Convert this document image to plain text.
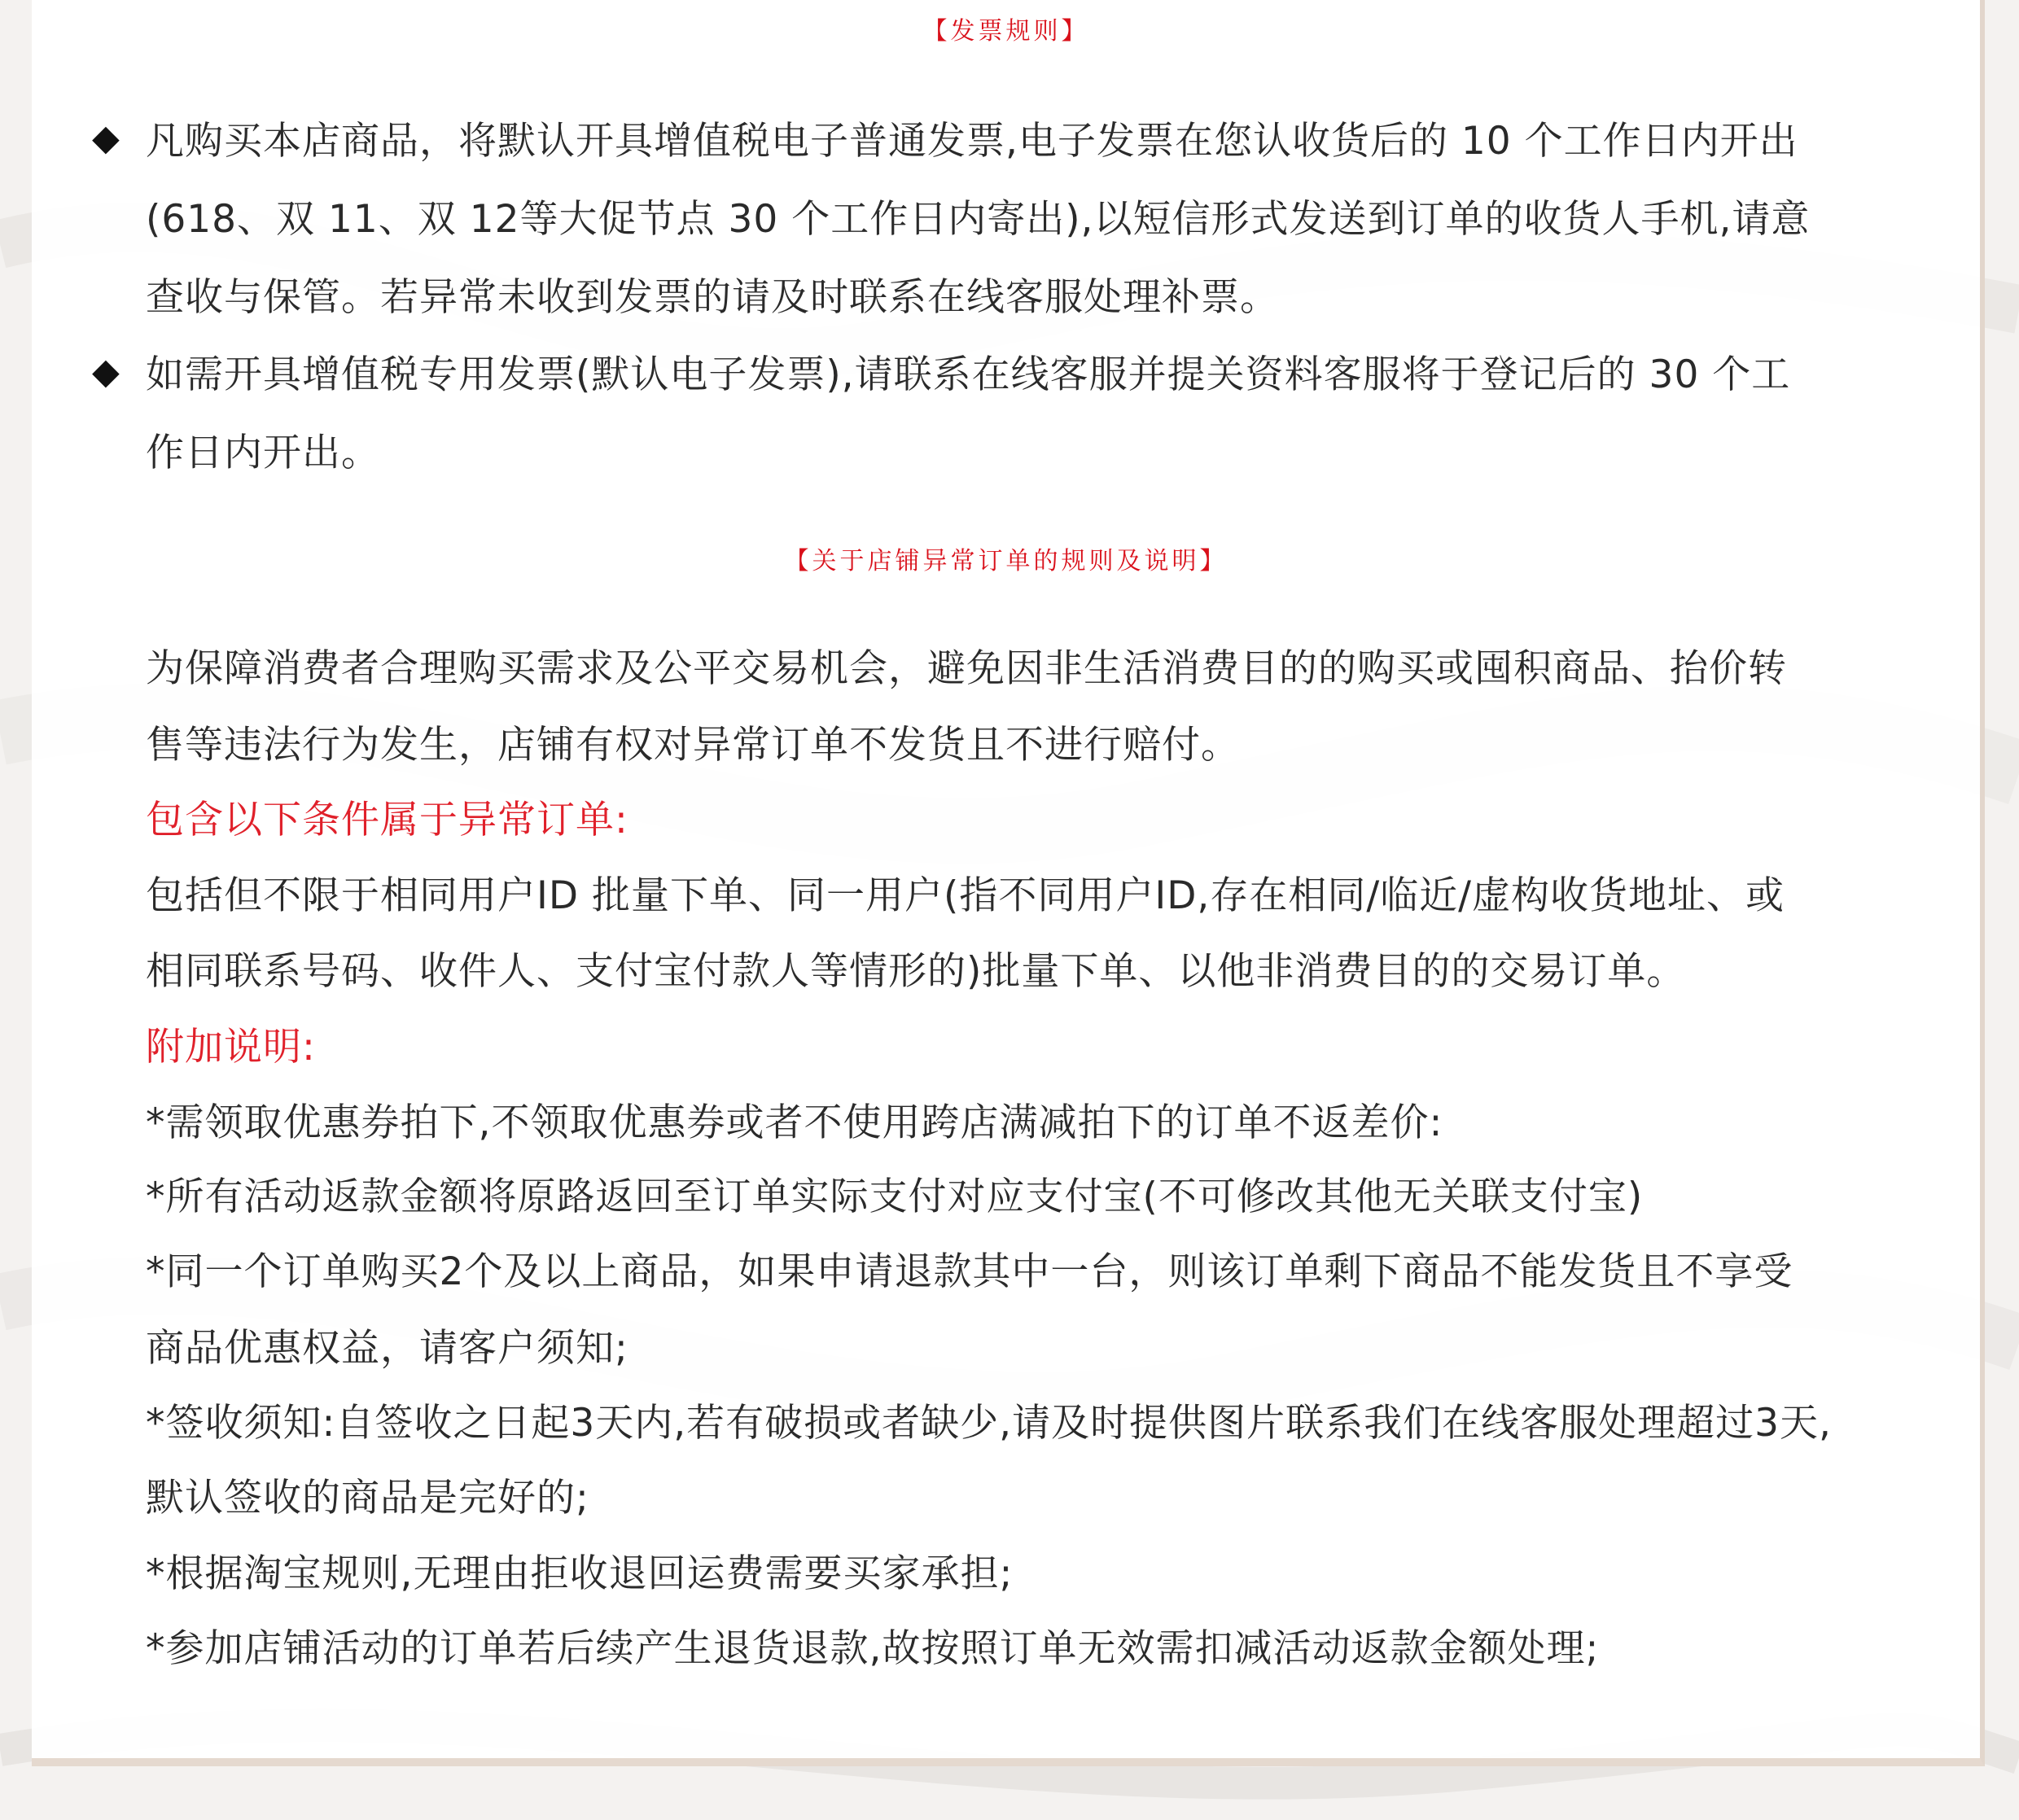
【发票规则】
◆ 凡购买本店商品，将默认开具增值税电子普通发票,电子发票在您认收货后的 10 个工作日内开出
(618、双 11、双 12等大促节点 30 个工作日内寄出),以短信形式发送到订单的收货人手机,请意
查收与保管。若异常未收到发票的请及时联系在线客服处理补票。
◆ 如需开具增值税专用发票(默认电子发票),请联系在线客服并提关资料客服将于登记后的 30 个工
作日内开出。
【关于店铺异常订单的规则及说明】
为保障消费者合理购买需求及公平交易机会，避免因非生活消费目的的购买或囤积商品、抬价转
售等违法行为发生，店铺有权对异常订单不发货且不进行赔付。
包含以下条件属于异常订单:
包括但不限于相同用户ID 批量下单、同一用户(指不同用户ID,存在相同/临近/虚构收货地址、或
相同联系号码、收件人、支付宝付款人等情形的)批量下单、以他非消费目的的交易订单。
附加说明:
*需领取优惠券拍下,不领取优惠券或者不使用跨店满减拍下的订单不返差价:
*所有活动返款金额将原路返回至订单实际支付对应支付宝(不可修改其他无关联支付宝)
*同一个订单购买2个及以上商品，如果申请退款其中一台，则该订单剩下商品不能发货且不享受
商品优惠权益，请客户须知;
*签收须知:自签收之日起3天内,若有破损或者缺少,请及时提供图片联系我们在线客服处理超过3天,
默认签收的商品是完好的;
*根据淘宝规则,无理由拒收退回运费需要买家承担;
*参加店铺活动的订单若后续产生退货退款,故按照订单无效需扣减活动返款金额处理;
